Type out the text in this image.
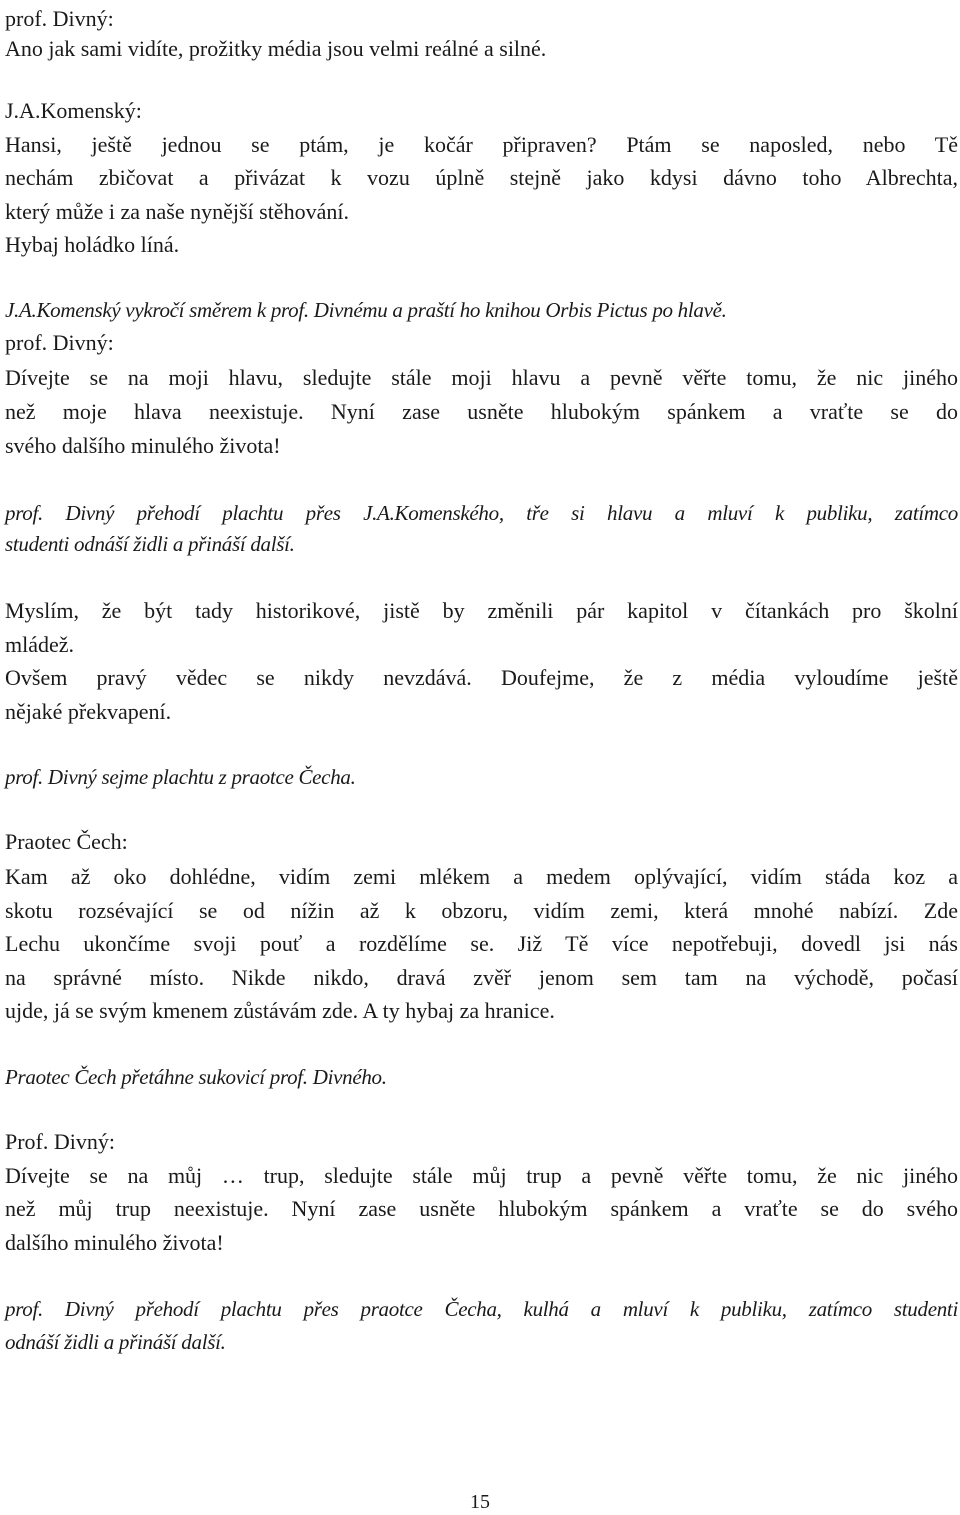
prof. Divný:

Ano jak sami vidíte, prožitky média jsou velmi reálné a silné.

J.A.Komenský:

Hansi, ještě jednou se ptám, je kočár připraven? Ptám se naposled, nebo Tě

nechám zbičovat a přivázat k vozu úplně stejně jako kdysi dávno toho Albrechta,

který může i za naše nynější stěhování.

Hybaj holádko líná.

J.A.Komenský vykročí směrem k prof. Divnému a praští ho knihou Orbis Pictus po hlavě.

prof. Divný:

Dívejte se na moji hlavu, sledujte stále moji hlavu a pevně věřte tomu, že nic jiného

než moje hlava neexistuje. Nyní zase usněte hlubokým spánkem a vraťte se do

svého dalšího minulého života!

prof. Divný přehodí plachtu přes J.A.Komenského, tře si hlavu a mluví k publiku, zatímco

studenti odnáší židli a přináší další.

Myslím, že být tady historikové, jistě by změnili pár kapitol v čítankách pro školní

mládež.

Ovšem pravý vědec se nikdy nevzdává. Doufejme, že z média vyloudíme ještě

nějaké překvapení.

prof. Divný sejme plachtu z praotce Čecha.

Praotec Čech:

Kam až oko dohlédne, vidím zemi mlékem a medem oplývající, vidím stáda koz a

skotu rozsévající se od nížin až k obzoru, vidím zemi, která mnohé nabízí. Zde

Lechu ukončíme svoji pouť a rozdělíme se. Již Tě více nepotřebuji, dovedl jsi nás

na správné místo. Nikde nikdo, dravá zvěř jenom sem tam na východě, počasí

ujde, já se svým kmenem zůstávám zde. A ty hybaj za hranice.

Praotec Čech přetáhne sukovicí prof. Divného.

Prof. Divný:

Dívejte se na můj … trup, sledujte stále můj trup a pevně věřte tomu, že nic jiného

než můj trup neexistuje. Nyní zase usněte hlubokým spánkem a vraťte se do svého

dalšího minulého života!

prof. Divný přehodí plachtu přes praotce Čecha, kulhá a mluví k publiku, zatímco studenti

odnáší židli a přináší další.

15
